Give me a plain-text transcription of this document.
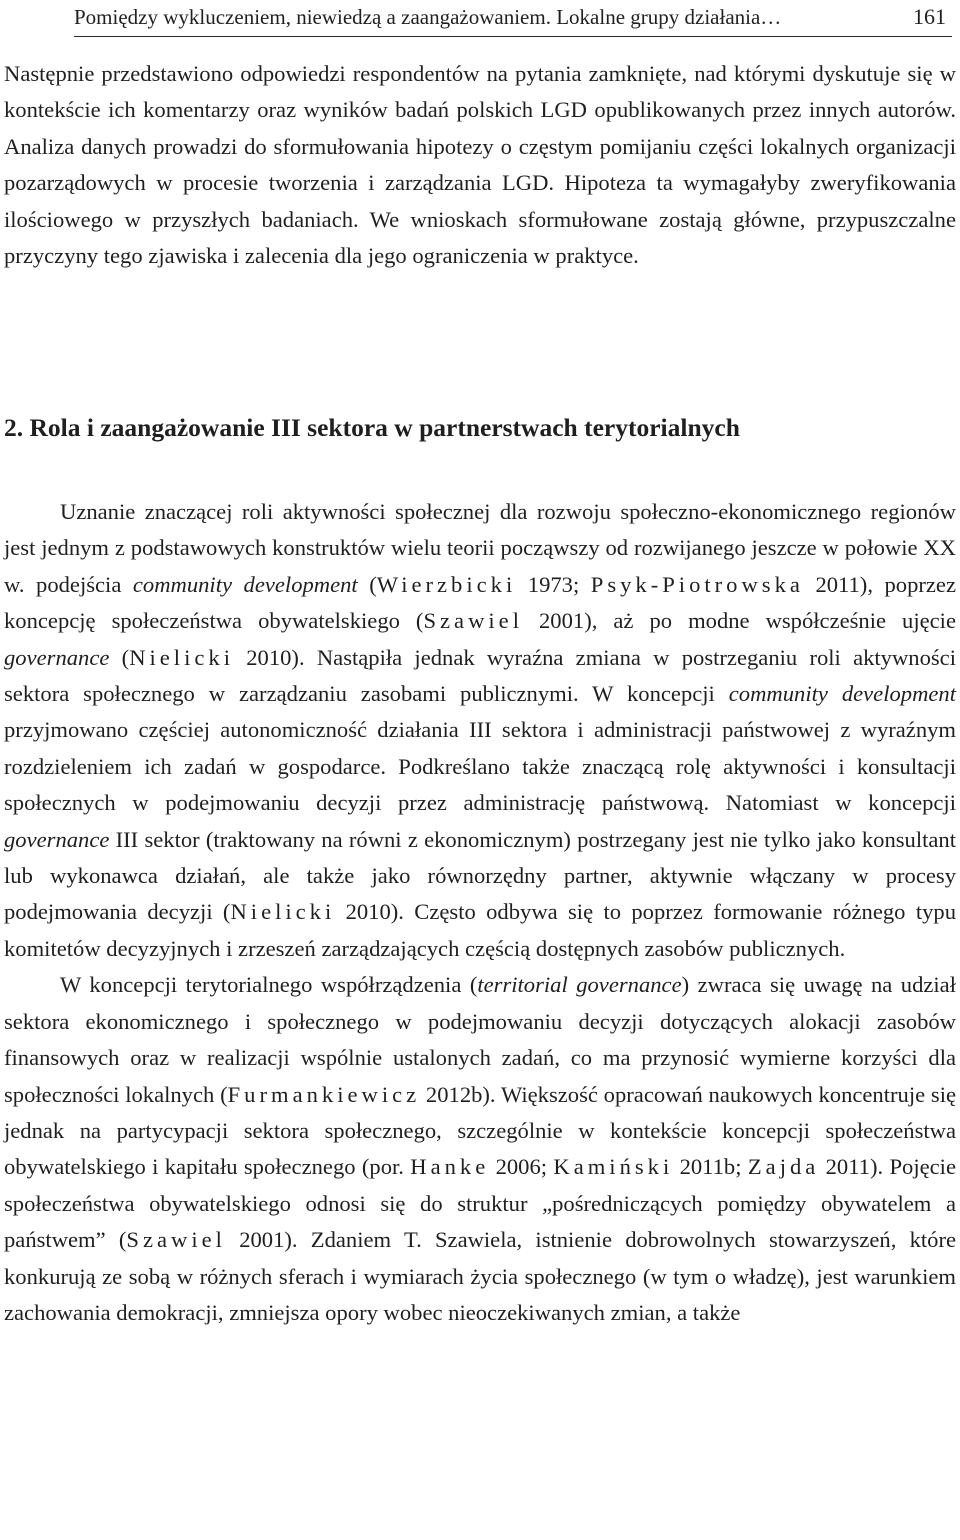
Pomiędzy wykluczeniem, niewiedzą a zaangażowaniem. Lokalne grupy działania…	161

Następnie przedstawiono odpowiedzi respondentów na pytania zamknięte, nad którymi dyskutuje się w kontekście ich komentarzy oraz wyników badań polskich LGD opublikowanych przez innych autorów. Analiza danych prowadzi do sformułowania hipotezy o częstym pomijaniu części lokalnych organizacji pozarządowych w procesie tworzenia i zarządzania LGD. Hipoteza ta wymagałyby zweryfikowania ilościowego w przyszłych badaniach. We wnioskach sformułowane zostają główne, przypuszczalne przyczyny tego zjawiska i zalecenia dla jego ograniczenia w praktyce.

2. Rola i zaangażowanie III sektora w partnerstwach terytorialnych

Uznanie znaczącej roli aktywności społecznej dla rozwoju społeczno-ekonomicznego regionów jest jednym z podstawowych konstruktów wielu teorii począwszy od rozwijanego jeszcze w połowie XX w. podejścia community development (Wierzbicki 1973; Psyk-Piotrowska 2011), poprzez koncepcję społeczeństwa obywatelskiego (Szawiel 2001), aż po modne współcześnie ujęcie governance (Nielicki 2010). Nastąpiła jednak wyraźna zmiana w postrzeganiu roli aktywności sektora społecznego w zarządzaniu zasobami publicznymi. W koncepcji community development przyjmowano częściej autonomiczność działania III sektora i administracji państwowej z wyraźnym rozdzieleniem ich zadań w gospodarce. Podkreślano także znaczącą rolę aktywności i konsultacji społecznych w podejmowaniu decyzji przez administrację państwową. Natomiast w koncepcji governance III sektor (traktowany na równi z ekonomicznym) postrzegany jest nie tylko jako konsultant lub wykonawca działań, ale także jako równorzędny partner, aktywnie włączany w procesy podejmowania decyzji (Nielicki 2010). Często odbywa się to poprzez formowanie różnego typu komitetów decyzyjnych i zrzeszeń zarządzających częścią dostępnych zasobów publicznych.

W koncepcji terytorialnego współrządzenia (territorial governance) zwraca się uwagę na udział sektora ekonomicznego i społecznego w podejmowaniu decyzji dotyczących alokacji zasobów finansowych oraz w realizacji wspólnie ustalonych zadań, co ma przynosić wymierne korzyści dla społeczności lokalnych (Furmankiewicz 2012b). Większość opracowań naukowych koncentruje się jednak na partycypacji sektora społecznego, szczególnie w kontekście koncepcji społeczeństwa obywatelskiego i kapitału społecznego (por. Hanke 2006; Kamiński 2011b; Zajda 2011). Pojęcie społeczeństwa obywatelskiego odnosi się do struktur „pośredniczących pomiędzy obywatelem a państwem” (Szawiel 2001). Zdaniem T. Szawiela, istnienie dobrowolnych stowarzyszeń, które konkurują ze sobą w różnych sferach i wymiarach życia społecznego (w tym o władzę), jest warunkiem zachowania demokracji, zmniejsza opory wobec nieoczekiwanych zmian, a także
